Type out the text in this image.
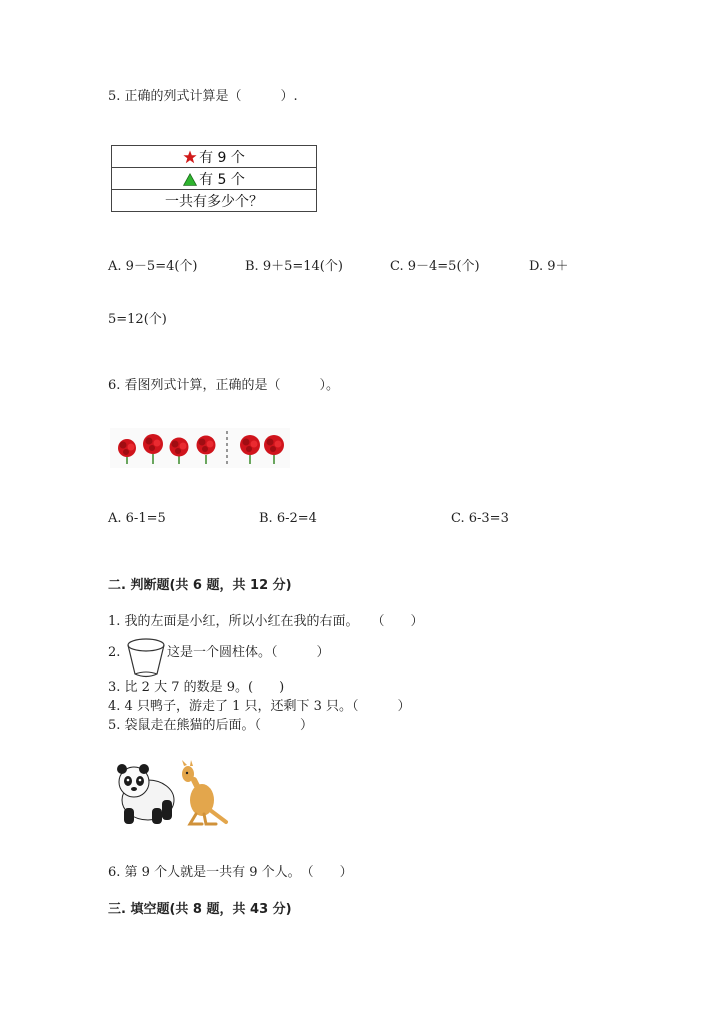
5. 正确的列式计算是（　　　）.
有 9 个
有 5 个
一共有多少个？
A. 9－5=4(个)	B. 9＋5=14(个)	C. 9－4=5(个)	D. 9＋
5=12(个)
6. 看图列式计算，正确的是（　　　）。
A. 6-1=5	B. 6-2=4	C. 6-3=3
二. 判断题(共 6 题，共 12 分)
1. 我的左面是小红，所以小红在我的右面。　　（　　）
2.	这是一个圆柱体。（　　　）
3. 比 2 大 7 的数是 9。(　　)
4. 4 只鸭子，游走了 1 只，还剩下 3 只。（　　　）
5. 袋鼠走在熊猫的后面。（　　　）
6. 第 9 个人就是一共有 9 个人。　（　　）
三. 填空题(共 8 题，共 43 分)
